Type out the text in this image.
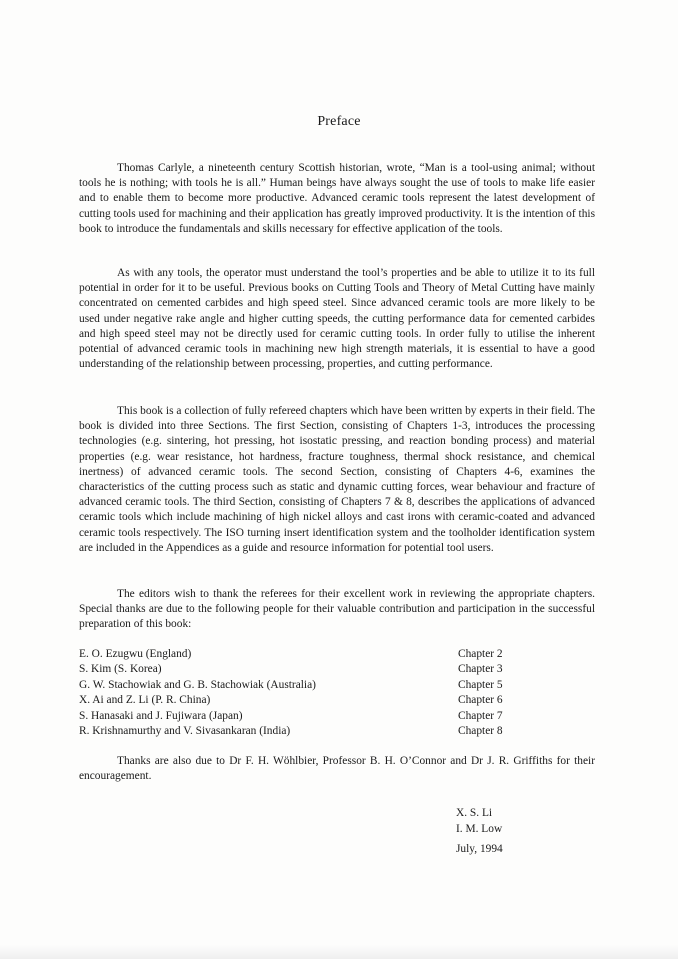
Preface

Thomas Carlyle, a nineteenth century Scottish historian, wrote, “Man is a tool-using animal; without tools he is nothing; with tools he is all.” Human beings have always sought the use of tools to make life easier and to enable them to become more productive. Advanced ceramic tools represent the latest development of cutting tools used for machining and their application has greatly improved productivity. It is the intention of this book to introduce the fundamentals and skills necessary for effective application of the tools.

As with any tools, the operator must understand the tool’s properties and be able to utilize it to its full potential in order for it to be useful. Previous books on Cutting Tools and Theory of Metal Cutting have mainly concentrated on cemented carbides and high speed steel. Since advanced ceramic tools are more likely to be used under negative rake angle and higher cutting speeds, the cutting performance data for cemented carbides and high speed steel may not be directly used for ceramic cutting tools. In order fully to utilise the inherent potential of advanced ceramic tools in machining new high strength materials, it is essential to have a good understanding of the relationship between processing, properties, and cutting performance.

This book is a collection of fully refereed chapters which have been written by experts in their field. The book is divided into three Sections. The first Section, consisting of Chapters 1-3, introduces the processing technologies (e.g. sintering, hot pressing, hot isostatic pressing, and reaction bonding process) and material properties (e.g. wear resistance, hot hardness, fracture toughness, thermal shock resistance, and chemical inertness) of advanced ceramic tools. The second Section, consisting of Chapters 4-6, examines the characteristics of the cutting process such as static and dynamic cutting forces, wear behaviour and fracture of advanced ceramic tools. The third Section, consisting of Chapters 7 & 8, describes the applications of advanced ceramic tools which include machining of high nickel alloys and cast irons with ceramic-coated and advanced ceramic tools respectively. The ISO turning insert identification system and the toolholder identification system are included in the Appendices as a guide and resource information for potential tool users.

The editors wish to thank the referees for their excellent work in reviewing the appropriate chapters. Special thanks are due to the following people for their valuable contribution and participation in the successful preparation of this book:

E. O. Ezugwu (England)	Chapter 2
S. Kim (S. Korea)	Chapter 3
G. W. Stachowiak and G. B. Stachowiak (Australia)	Chapter 5
X. Ai and Z. Li (P. R. China)	Chapter 6
S. Hanasaki and J. Fujiwara (Japan)	Chapter 7
R. Krishnamurthy and V. Sivasankaran (India)	Chapter 8

Thanks are also due to Dr F. H. Wöhlbier, Professor B. H. O’Connor and Dr J. R. Griffiths for their encouragement.

X. S. Li
I. M. Low
July, 1994
